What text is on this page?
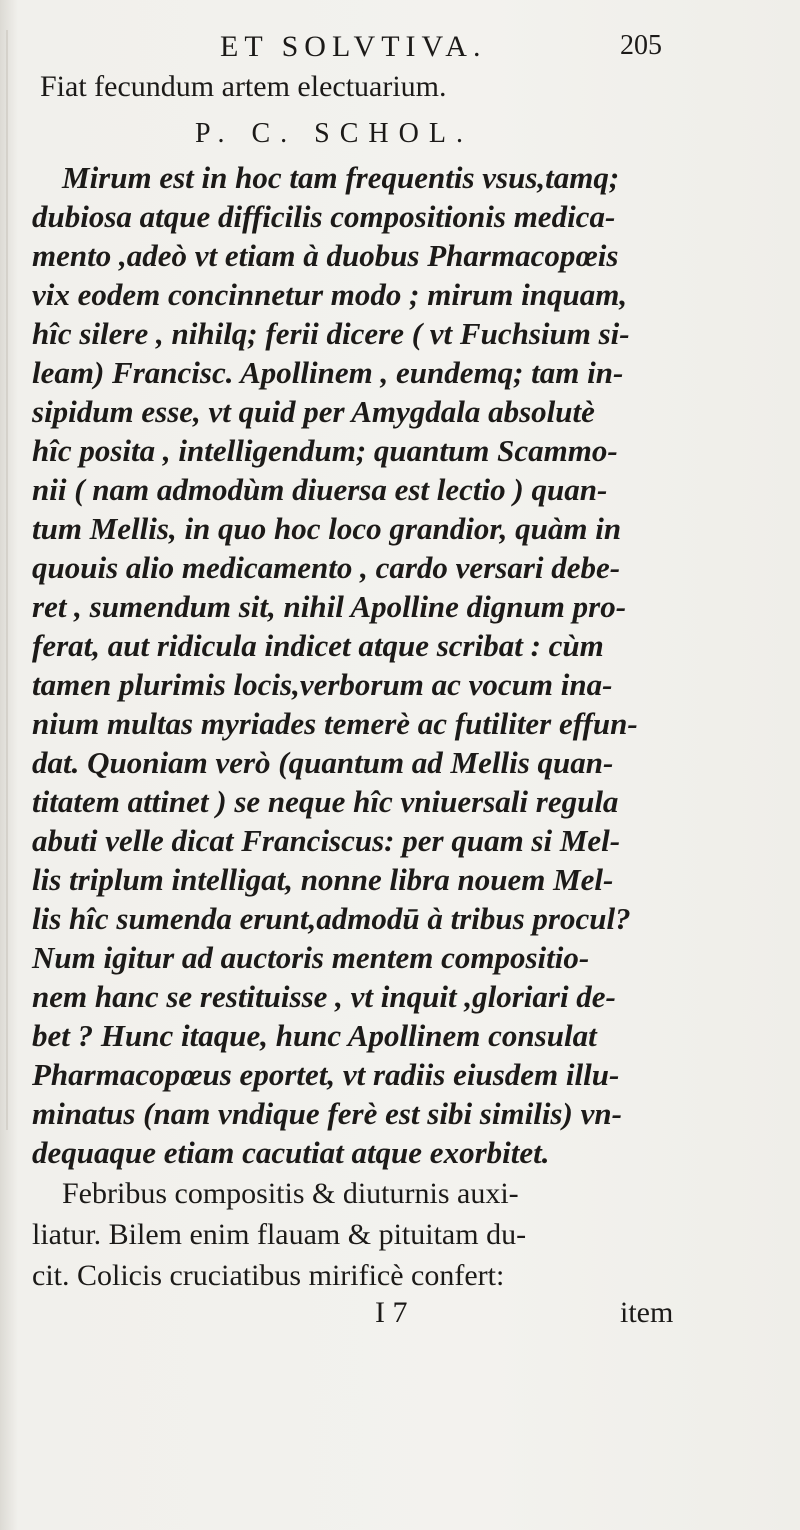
ET SOLVTIVA.	205
Fiat fecundum artem electuarium.
P. C. SCHOL.
Mirum est in hoc tam frequentis vsus,tamq;
dubiosa atque difficilis compositionis medica-
mento ,adeò vt etiam à duobus Pharmacopœis
vix eodem concinnetur modo ; mirum inquam,
hîc silere , nihilq; ferii dicere ( vt Fuchsium si-
leam) Francisc. Apollinem , eundemq; tam in-
sipidum esse, vt quid per Amygdala absolutè
hîc posita , intelligendum; quantum Scammo-
nii ( nam admodùm diuersa est lectio ) quan-
tum Mellis, in quo hoc loco grandior, quàm in
quouis alio medicamento , cardo versari debe-
ret , sumendum sit, nihil Apolline dignum pro-
ferat, aut ridicula indicet atque scribat : cùm
tamen plurimis locis,verborum ac vocum ina-
nium multas myriades temerè ac futiliter effun-
dat. Quoniam verò (quantum ad Mellis quan-
titatem attinet ) se neque hîc vniuersali regula
abuti velle dicat Franciscus: per quam si Mel-
lis triplum intelligat, nonne libra nouem Mel-
lis hîc sumenda erunt,admodū à tribus procul?
Num igitur ad auctoris mentem compositio-
nem hanc se restituisse , vt inquit ,gloriari de-
bet ? Hunc itaque, hunc Apollinem consulat
Pharmacopœus eportet, vt radiis eiusdem illu-
minatus (nam vndique ferè est sibi similis) vn-
dequaque etiam cacutiat atque exorbitet.
Febribus compositis & diuturnis auxi-
liatur. Bilem enim flauam & pituitam du-
cit. Colicis cruciatibus mirificè confert:
I 7	item
